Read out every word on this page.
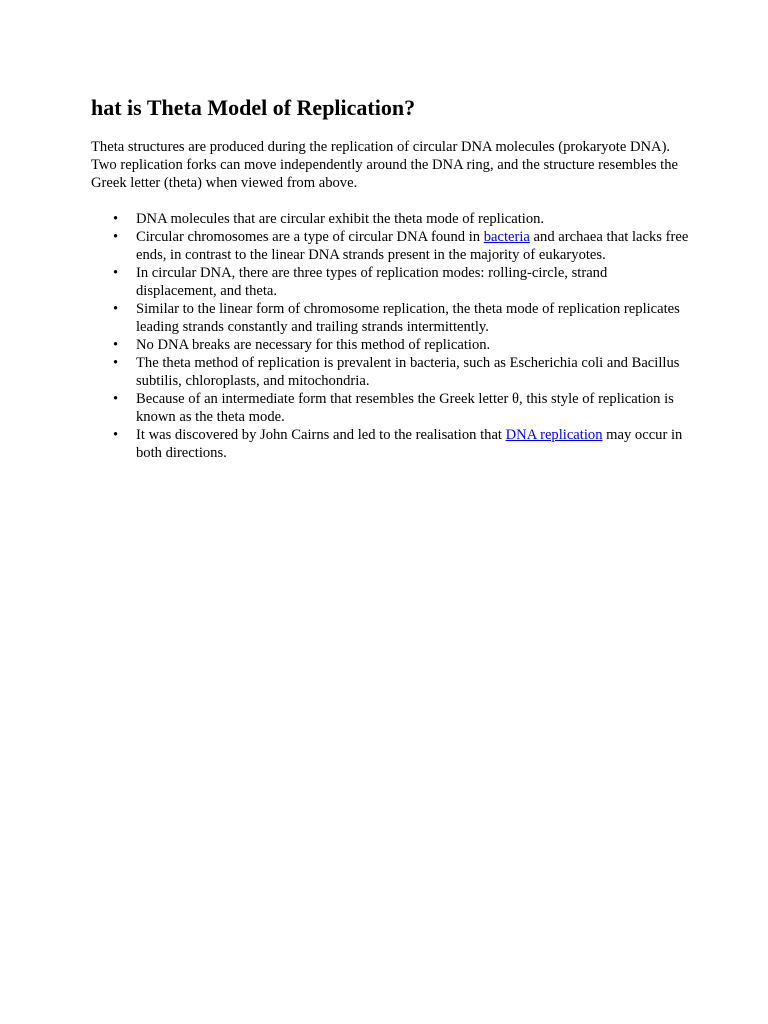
hat is Theta Model of Replication?

Theta structures are produced during the replication of circular DNA molecules (prokaryote DNA). Two replication forks can move independently around the DNA ring, and the structure resembles the Greek letter (theta) when viewed from above.

• DNA molecules that are circular exhibit the theta mode of replication.
• Circular chromosomes are a type of circular DNA found in bacteria and archaea that lacks free ends, in contrast to the linear DNA strands present in the majority of eukaryotes.
• In circular DNA, there are three types of replication modes: rolling-circle, strand displacement, and theta.
• Similar to the linear form of chromosome replication, the theta mode of replication replicates leading strands constantly and trailing strands intermittently.
• No DNA breaks are necessary for this method of replication.
• The theta method of replication is prevalent in bacteria, such as Escherichia coli and Bacillus subtilis, chloroplasts, and mitochondria.
• Because of an intermediate form that resembles the Greek letter θ, this style of replication is known as the theta mode.
• It was discovered by John Cairns and led to the realisation that DNA replication may occur in both directions.
